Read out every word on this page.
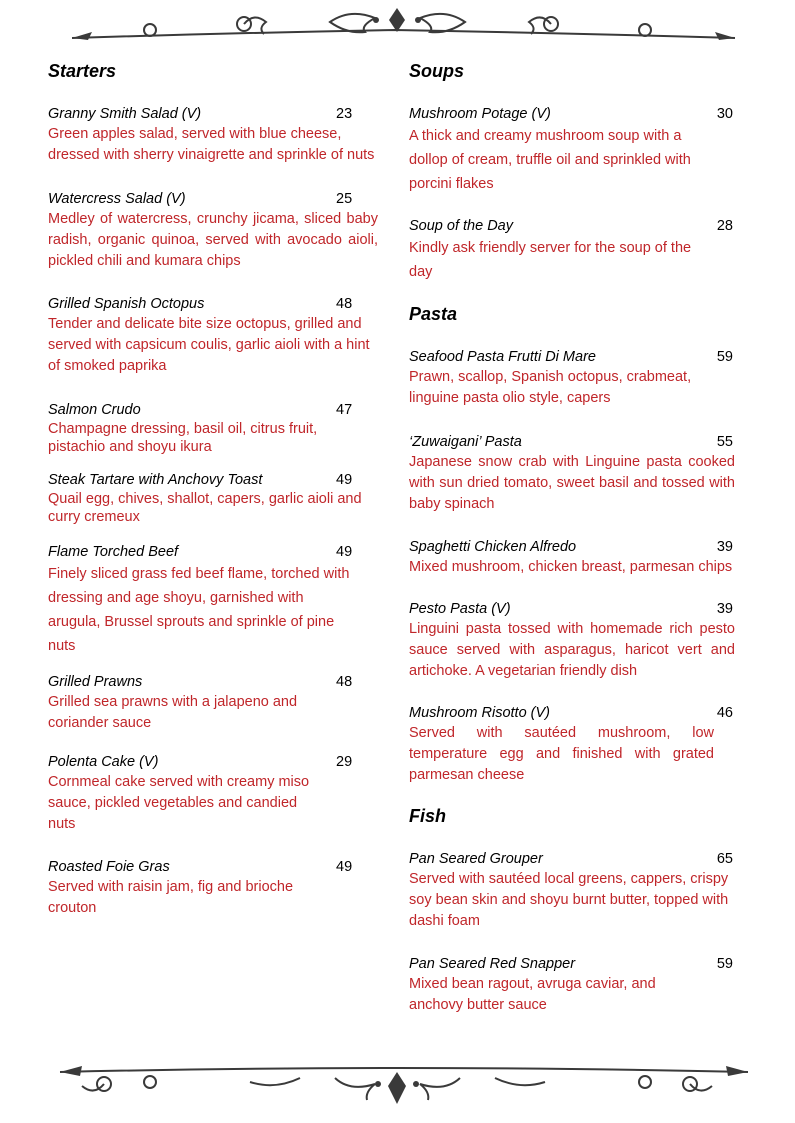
Starters
Granny Smith Salad (V)	23
Green apples salad, served with blue cheese, dressed with sherry vinaigrette and sprinkle of nuts
Watercress Salad (V)	25
Medley of watercress, crunchy jicama, sliced baby radish, organic quinoa, served with avocado aioli, pickled chili and kumara chips
Grilled Spanish Octopus	48
Tender and delicate bite size octopus, grilled and served with capsicum coulis, garlic aioli with a hint of smoked paprika
Salmon Crudo	47
Champagne dressing, basil oil, citrus fruit, pistachio and shoyu ikura
Steak Tartare with Anchovy Toast	49
Quail egg, chives, shallot, capers, garlic aioli and curry cremeux
Flame Torched Beef	49
Finely sliced grass fed beef flame, torched with dressing and age shoyu, garnished with arugula, Brussel sprouts and sprinkle of pine nuts
Grilled Prawns	48
Grilled sea prawns with a jalapeno and coriander sauce
Polenta Cake (V)	29
Cornmeal cake served with creamy miso sauce, pickled vegetables and candied nuts
Roasted Foie Gras	49
Served with raisin jam, fig and brioche crouton
Soups
Mushroom Potage (V)	30
A thick and creamy mushroom soup with a dollop of cream, truffle oil and sprinkled with porcini flakes
Soup of the Day	28
Kindly ask friendly server for the soup of the day
Pasta
Seafood Pasta Frutti Di Mare	59
Prawn, scallop, Spanish octopus, crabmeat, linguine pasta olio style, capers
‘Zuwaigani’ Pasta	55
Japanese snow crab with Linguine pasta cooked with sun dried tomato, sweet basil and tossed with baby spinach
Spaghetti Chicken Alfredo	39
Mixed mushroom, chicken breast, parmesan chips
Pesto Pasta (V)	39
Linguini pasta tossed with homemade rich pesto sauce served with asparagus, haricot vert and artichoke. A vegetarian friendly dish
Mushroom Risotto (V)	46
Served with sautéed mushroom, low temperature egg and finished with grated parmesan cheese
Fish
Pan Seared Grouper	65
Served with sautéed local greens, cappers, crispy soy bean skin and shoyu burnt butter, topped with dashi foam
Pan Seared Red Snapper	59
Mixed bean ragout, avruga caviar, and anchovy butter sauce
